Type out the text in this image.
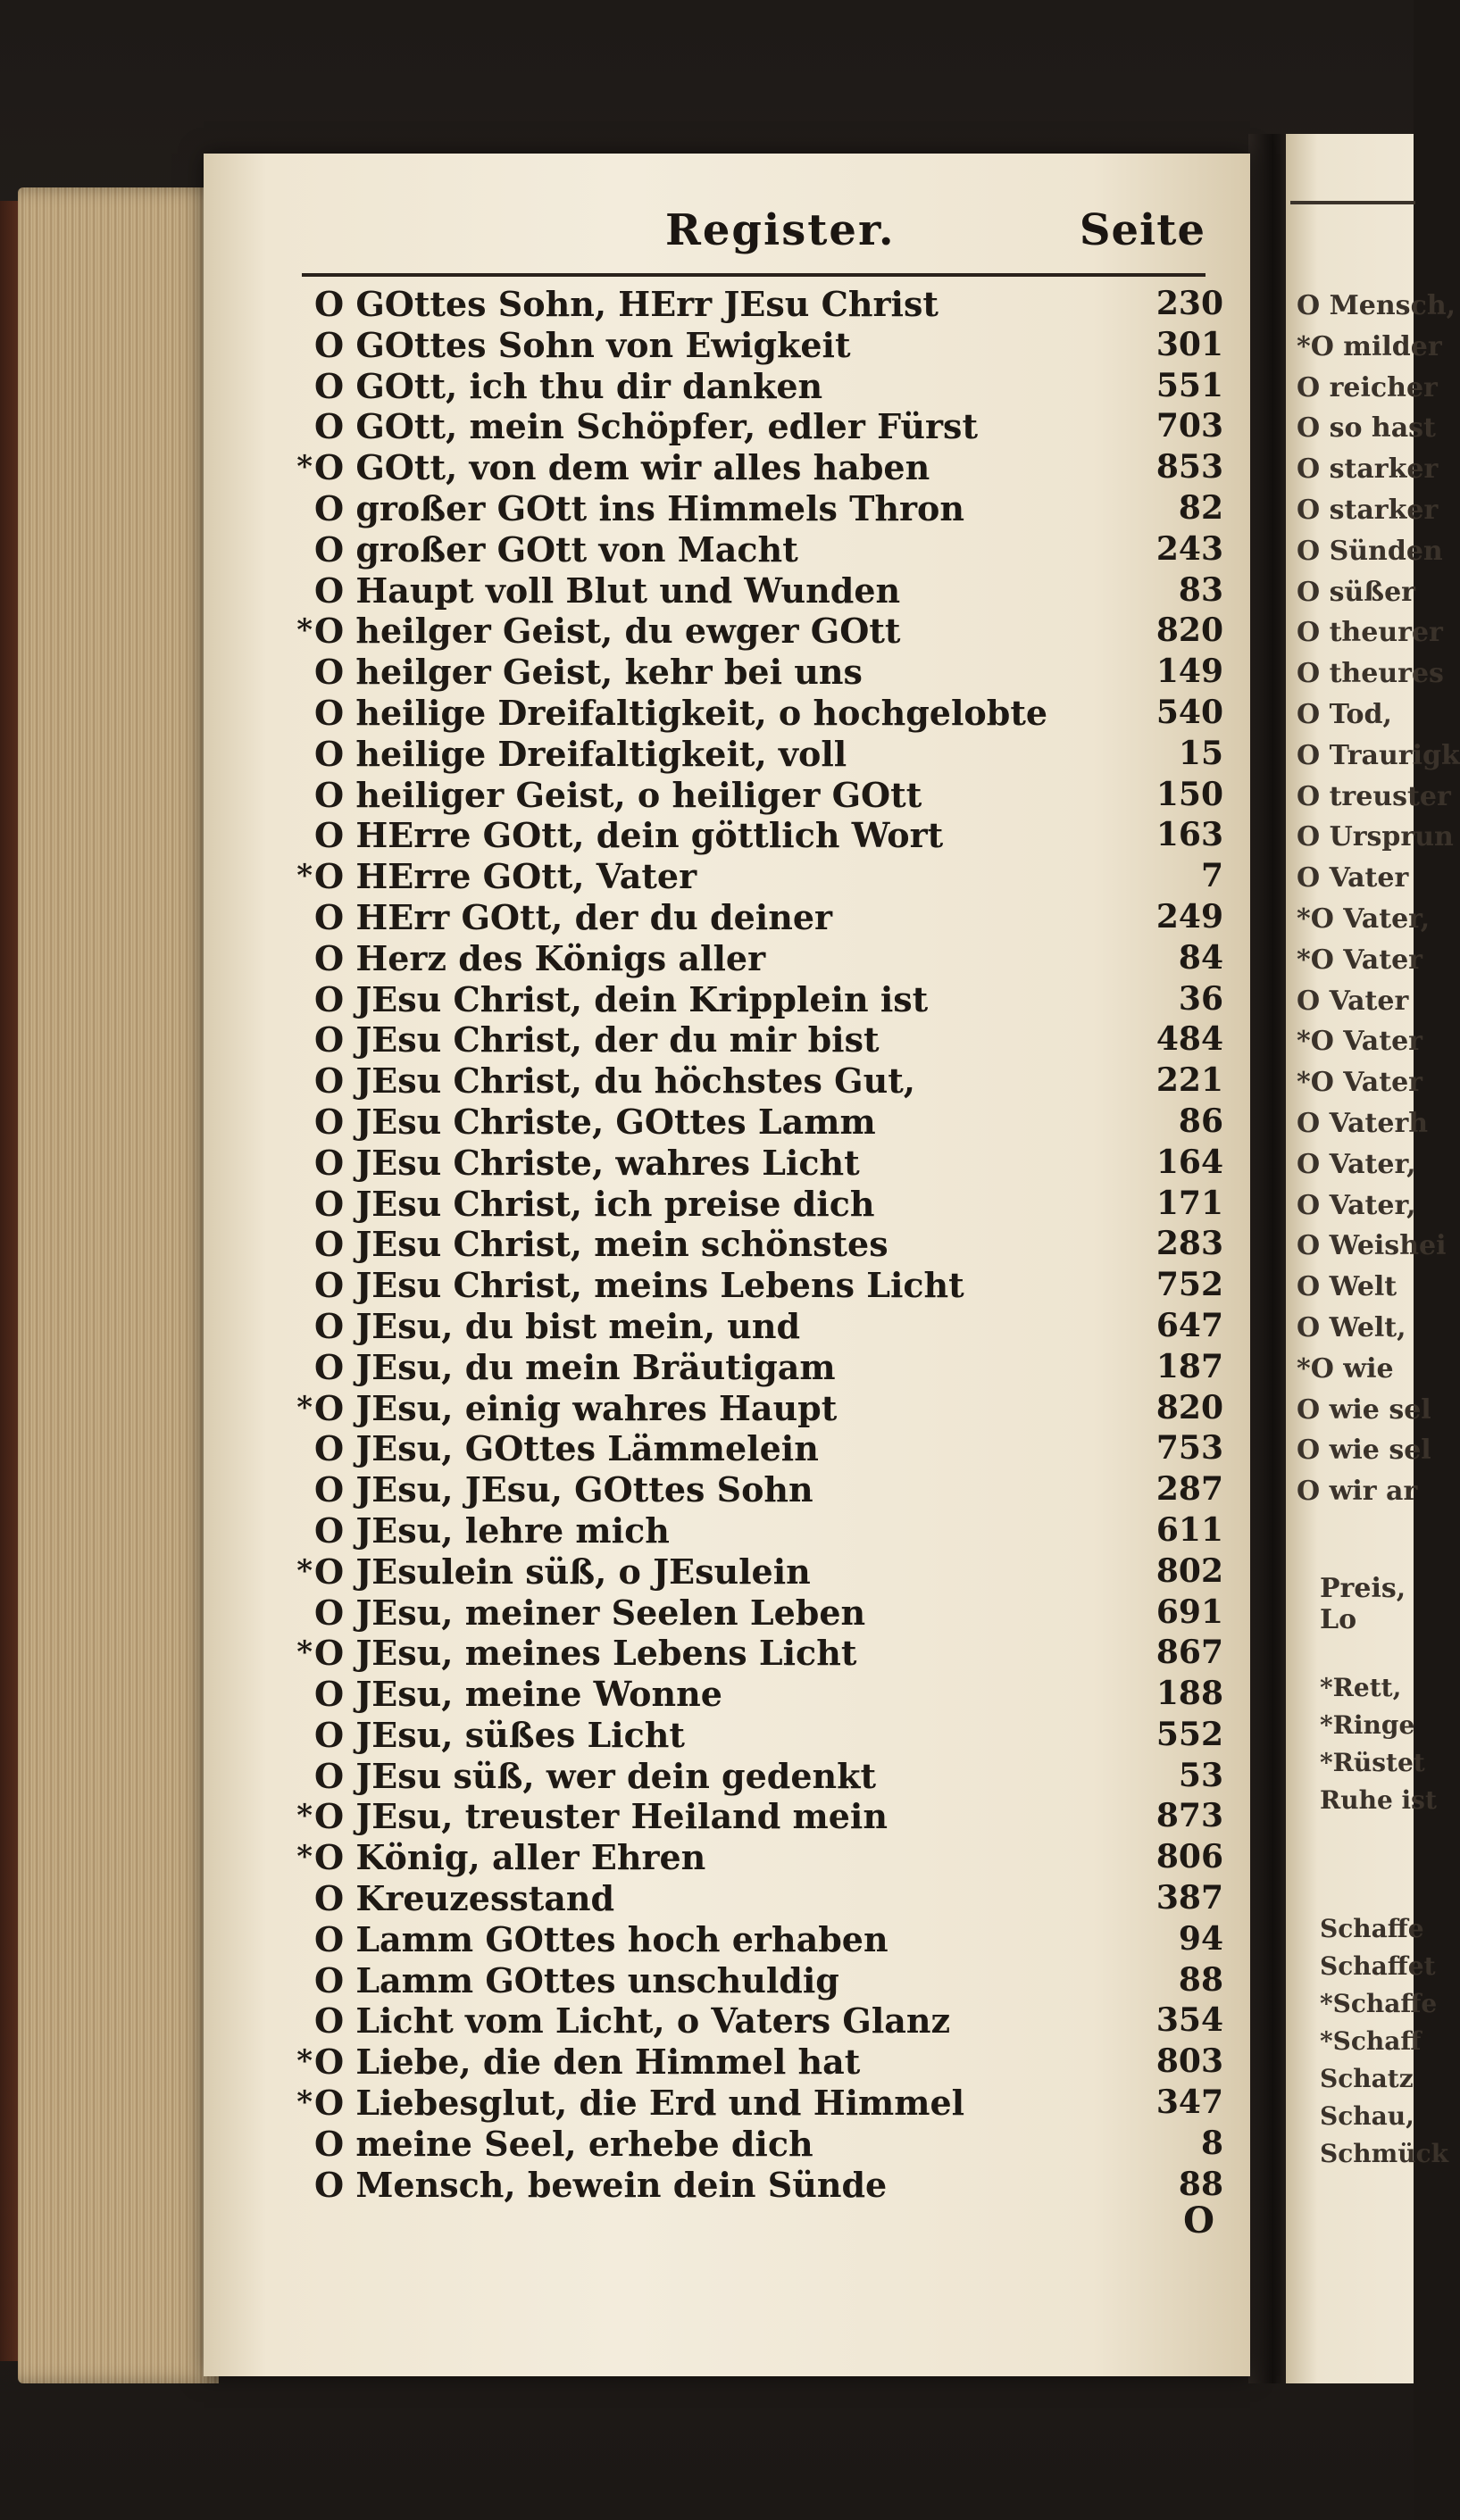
Register.	Seite
O GOttes Sohn, HErr JEsu Christ	230
O GOttes Sohn von Ewigkeit	301
O GOtt, ich thu dir danken	551
O GOtt, mein Schöpfer, edler Fürst	703
* O GOtt, von dem wir alles haben	853
O großer GOtt ins Himmels Thron	82
O großer GOtt von Macht	243
O Haupt voll Blut und Wunden	83
* O heilger Geist, du ewger GOtt	820
O heilger Geist, kehr bei uns	149
O heilige Dreifaltigkeit, o hochgelobte	540
O heilige Dreifaltigkeit, voll	15
O heiliger Geist, o heiliger GOtt	150
O HErre GOtt, dein göttlich Wort	163
* O HErre GOtt, Vater	7
O HErr GOtt, der du deiner	249
O Herz des Königs aller	84
O JEsu Christ, dein Kripplein ist	36
O JEsu Christ, der du mir bist	484
O JEsu Christ, du höchstes Gut,	221
O JEsu Christe, GOttes Lamm	86
O JEsu Christe, wahres Licht	164
O JEsu Christ, ich preise dich	171
O JEsu Christ, mein schönstes	283
O JEsu Christ, meins Lebens Licht	752
O JEsu, du bist mein, und	647
O JEsu, du mein Bräutigam	187
* O JEsu, einig wahres Haupt	820
O JEsu, GOttes Lämmelein	753
O JEsu, JEsu, GOttes Sohn	287
O JEsu, lehre mich	611
* O JEsulein süß, o JEsulein	802
O JEsu, meiner Seelen Leben	691
* O JEsu, meines Lebens Licht	867
O JEsu, meine Wonne	188
O JEsu, süßes Licht	552
O JEsu süß, wer dein gedenkt	53
* O JEsu, treuster Heiland mein	873
* O König, aller Ehren	806
O Kreuzesstand	387
O Lamm GOttes hoch erhaben	94
O Lamm GOttes unschuldig	88
O Licht vom Licht, o Vaters Glanz	354
* O Liebe, die den Himmel hat	803
* O Liebesglut, die Erd und Himmel	347
O meine Seel, erhebe dich	8
O Mensch, bewein dein Sünde	88
O
O Mensch,
*O milder
O reicher
O so hast
O starker
O starker
O Sünden
O süßer
O theurer
O theures
O Tod,
O Traurigk
O treuster
O Ursprun
O Vater
*O Vater,
*O Vater
O Vater
*O Vater
*O Vater
O Vaterh
O Vater,
O Vater,
O Weishei
O Welt
O Welt,
*O wie
O wie sel
O wie sel
O wir ar
Preis, Lo
*Rett,
*Ringe
*Rüstet
Ruhe ist
Schaffe
Schaffet
*Schaffe
*Schaff
Schatz
Schau,
Schmück
